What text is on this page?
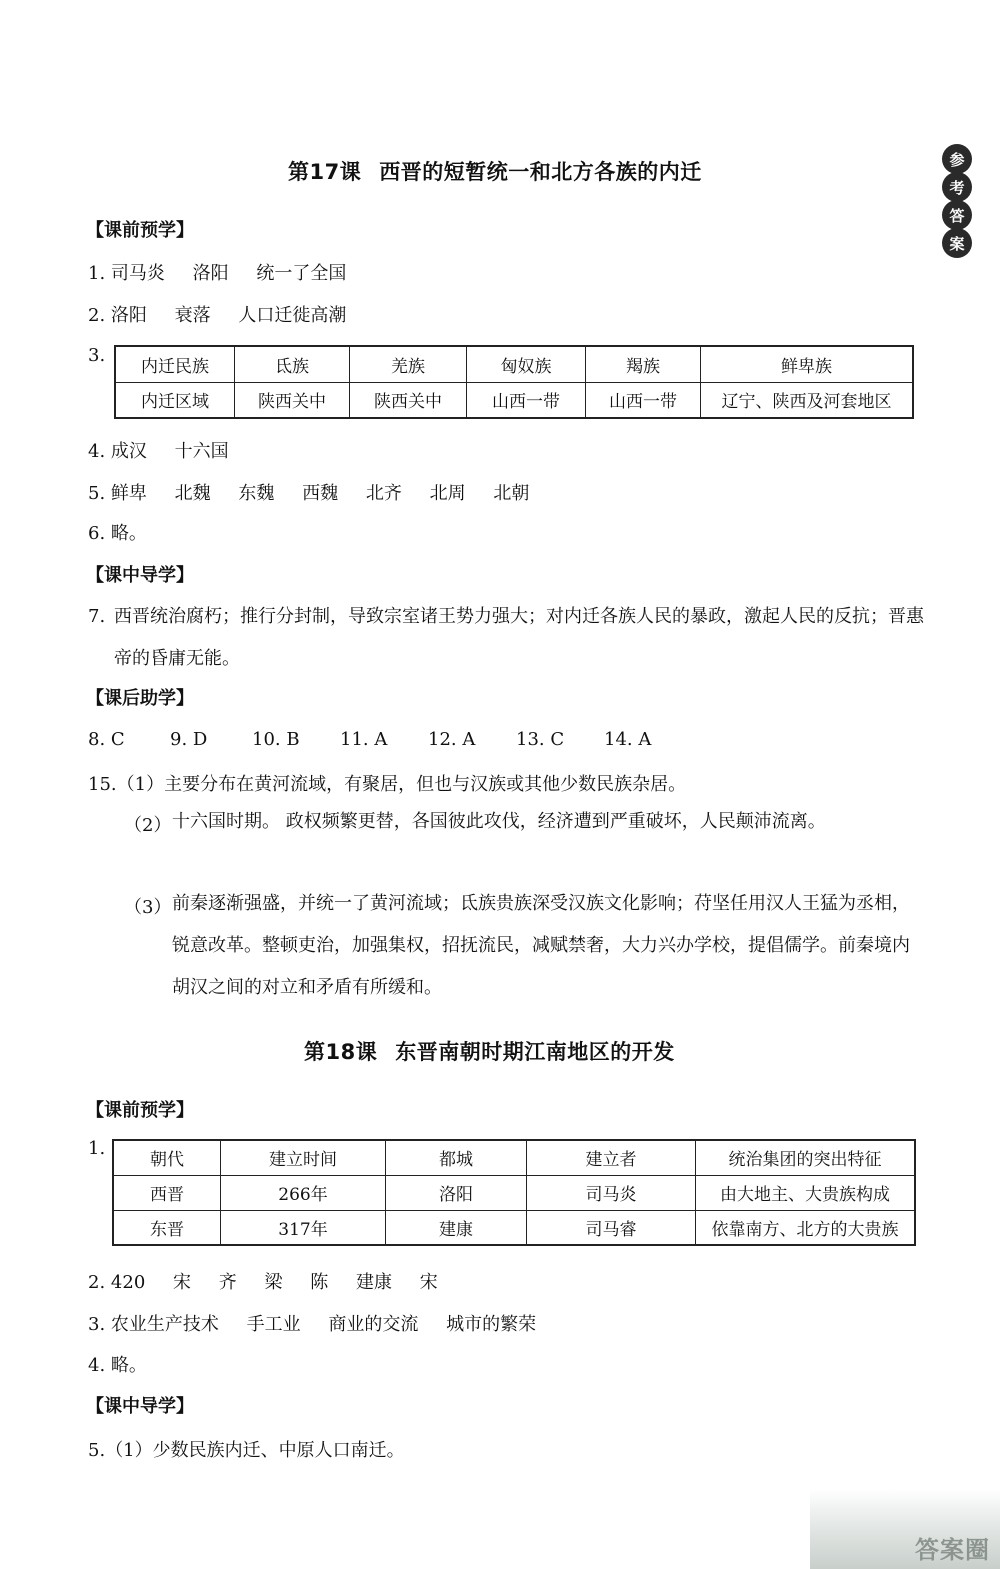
参
考
答
案
第17课 西晋的短暂统一和北方各族的内迁
【课前预学】
1. 司马炎 洛阳 统一了全国
2. 洛阳 衰落 人口迁徙高潮
3.
内迁民族	氐族	羌族	匈奴族	羯族	鲜卑族
内迁区域	陕西关中	陕西关中	山西一带	山西一带	辽宁、陕西及河套地区
4. 成汉 十六国
5. 鲜卑 北魏 东魏 西魏 北齐 北周 北朝
6. 略。
【课中导学】
7. 西晋统治腐朽；推行分封制，导致宗室诸王势力强大；对内迁各族人民的暴政，激起人民的反抗；晋惠帝的昏庸无能。
【课后助学】
8. C	9. D 10. B 11. A 12. A 13. C 14. A
15.（1）主要分布在黄河流域，有聚居，但也与汉族或其他少数民族杂居。
（2） 十六国时期。 政权频繁更替，各国彼此攻伐，经济遭到严重破坏，人民颠沛流离。
（3） 前秦逐渐强盛，并统一了黄河流域；氐族贵族深受汉族文化影响；苻坚任用汉人王猛为丞相，锐意改革。整顿吏治，加强集权，招抚流民，减赋禁奢，大力兴办学校，提倡儒学。前秦境内胡汉之间的对立和矛盾有所缓和。
第18课 东晋南朝时期江南地区的开发
【课前预学】
1.
朝代	建立时间	都城	建立者	统治集团的突出特征
西晋	266年	洛阳	司马炎	由大地主、大贵族构成
东晋	317年	建康	司马睿	依靠南方、北方的大贵族
2. 420 宋 齐 梁 陈 建康 宋
3. 农业生产技术 手工业 商业的交流 城市的繁荣
4. 略。
【课中导学】
5.（1）少数民族内迁、中原人口南迁。
答案圈
